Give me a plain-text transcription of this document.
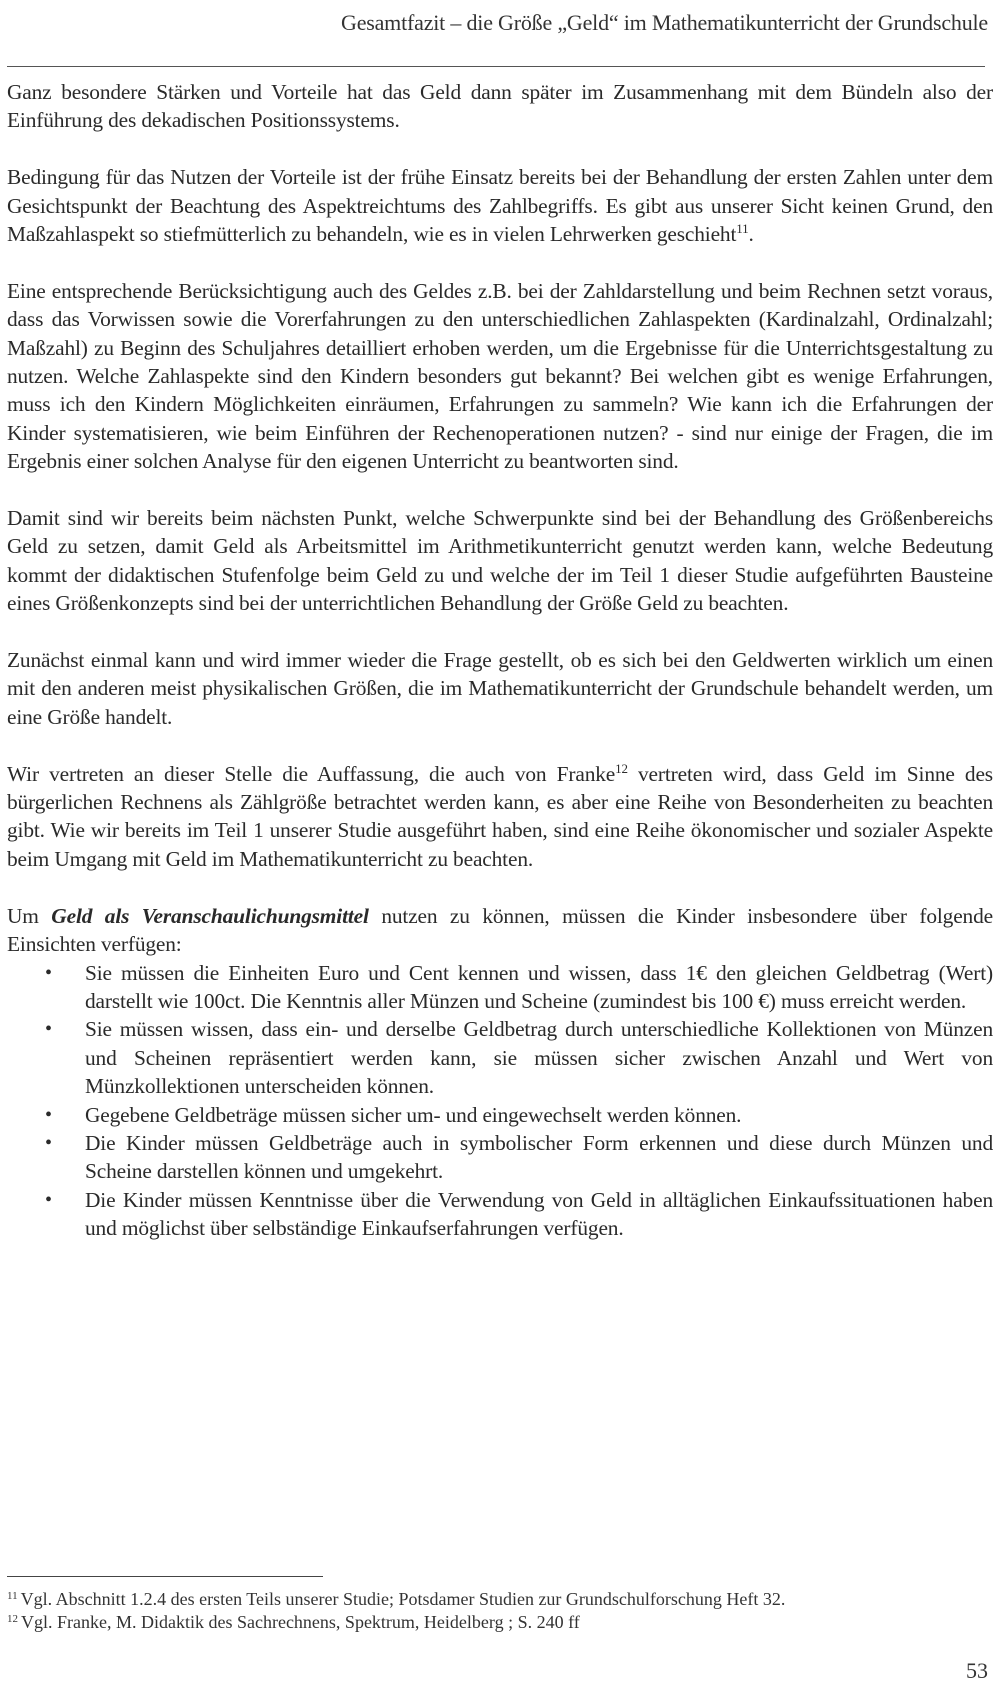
Gesamtfazit – die Größe „Geld“ im Mathematikunterricht der Grundschule

Ganz besondere Stärken und Vorteile hat das Geld dann später im Zusammenhang mit dem Bündeln also der Einführung des dekadischen Positionssystems.

Bedingung für das Nutzen der Vorteile ist der frühe Einsatz bereits bei der Behandlung der ersten Zahlen unter dem Gesichtspunkt der Beachtung des Aspektreichtums des Zahlbegriffs. Es gibt aus unserer Sicht keinen Grund, den Maßzahlaspekt so stiefmütterlich zu behandeln, wie es in vielen Lehrwerken geschieht$^{11}$.

Eine entsprechende Berücksichtigung auch des Geldes z.B. bei der Zahldarstellung und beim Rechnen setzt voraus, dass das Vorwissen sowie die Vorerfahrungen zu den unterschiedlichen Zahlaspekten (Kardinalzahl, Ordinalzahl; Maßzahl) zu Beginn des Schuljahres detailliert erhoben werden, um die Ergebnisse für die Unterrichtsgestaltung zu nutzen. Welche Zahlaspekte sind den Kindern besonders gut bekannt? Bei welchen gibt es wenige Erfahrungen, muss ich den Kindern Möglichkeiten einräumen, Erfahrungen zu sammeln? Wie kann ich die Erfahrungen der Kinder systematisieren, wie beim Einführen der Rechenoperationen nutzen? - sind nur einige der Fragen, die im Ergebnis einer solchen Analyse für den eigenen Unterricht zu beantworten sind.

Damit sind wir bereits beim nächsten Punkt, welche Schwerpunkte sind bei der Behandlung des Größenbereichs Geld zu setzen, damit Geld als Arbeitsmittel im Arithmetikunterricht genutzt werden kann, welche Bedeutung kommt der didaktischen Stufenfolge beim Geld zu und welche der im Teil 1 dieser Studie aufgeführten Bausteine eines Größenkonzepts sind bei der unterrichtlichen Behandlung der Größe Geld zu beachten.

Zunächst einmal kann und wird immer wieder die Frage gestellt, ob es sich bei den Geldwerten wirklich um einen mit den anderen meist physikalischen Größen, die im Mathematikunterricht der Grundschule behandelt werden, um eine Größe handelt.

Wir vertreten an dieser Stelle die Auffassung, die auch von Franke$^{12}$ vertreten wird, dass Geld im Sinne des bürgerlichen Rechnens als Zählgröße betrachtet werden kann, es aber eine Reihe von Besonderheiten zu beachten gibt. Wie wir bereits im Teil 1 unserer Studie ausgeführt haben, sind eine Reihe ökonomischer und sozialer Aspekte beim Umgang mit Geld im Mathematikunterricht zu beachten.

Um Geld als Veranschaulichungsmittel nutzen zu können, müssen die Kinder insbesondere über folgende Einsichten verfügen:

• Sie müssen die Einheiten Euro und Cent kennen und wissen, dass 1€ den gleichen Geldbetrag (Wert) darstellt wie 100ct. Die Kenntnis aller Münzen und Scheine (zumindest bis 100 €) muss erreicht werden.
• Sie müssen wissen, dass ein- und derselbe Geldbetrag durch unterschiedliche Kollektionen von Münzen und Scheinen repräsentiert werden kann, sie müssen sicher zwischen Anzahl und Wert von Münzkollektionen unterscheiden können.
• Gegebene Geldbeträge müssen sicher um- und eingewechselt werden können.
• Die Kinder müssen Geldbeträge auch in symbolischer Form erkennen und diese durch Münzen und Scheine darstellen können und umgekehrt.
• Die Kinder müssen Kenntnisse über die Verwendung von Geld in alltäglichen Einkaufssituationen haben und möglichst über selbständige Einkaufserfahrungen verfügen.
$^{11}$ Vgl. Abschnitt 1.2.4 des ersten Teils unserer Studie; Potsdamer Studien zur Grundschulforschung Heft 32.
$^{12}$ Vgl. Franke, M. Didaktik des Sachrechnens, Spektrum, Heidelberg ; S. 240 ff
53
